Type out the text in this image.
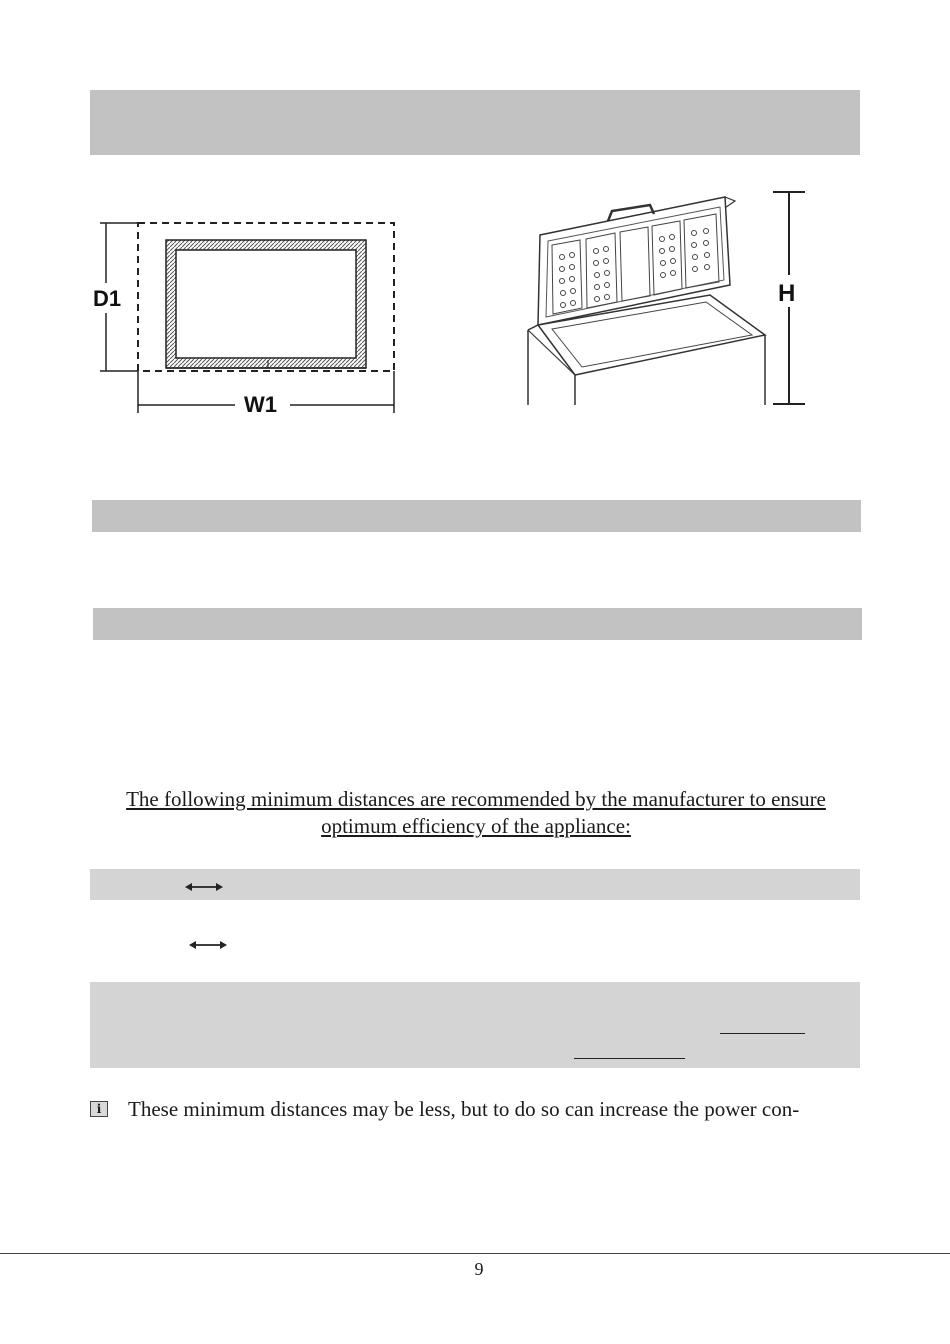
D1
W1
H
The following minimum distances are recommended by the manufacturer to ensure
optimum efficiency of the appliance:
i	These minimum distances may be less, but to do so can increase the power con-
9
